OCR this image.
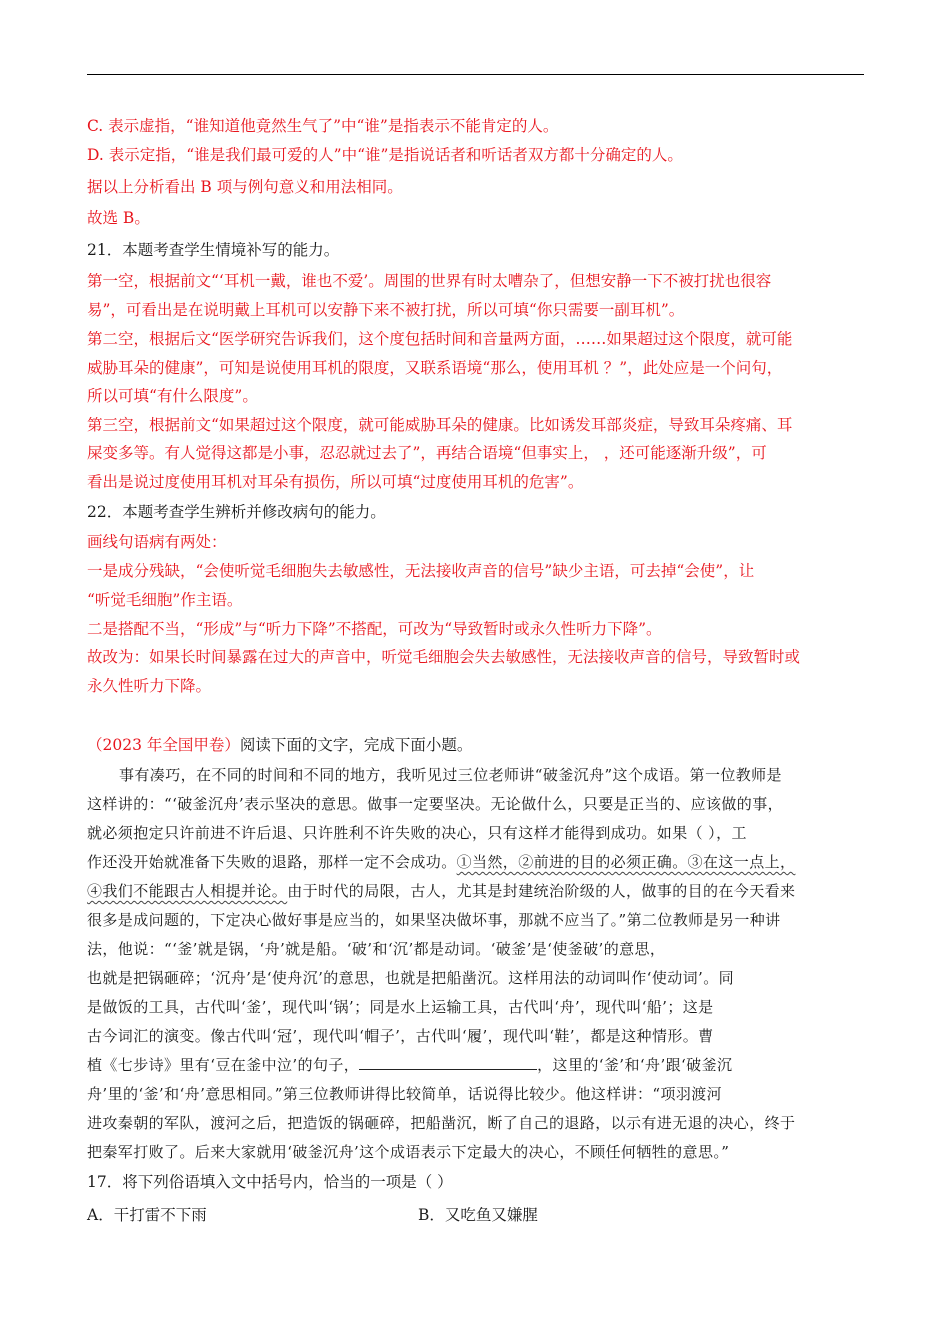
C. 表示虚指，“谁知道他竟然生气了”中“谁”是指表示不能肯定的人。
D. 表示定指，“谁是我们最可爱的人”中“谁”是指说话者和听话者双方都十分确定的人。
据以上分析看出 B 项与例句意义和用法相同。
故选 B。
21．本题考查学生情境补写的能力。
第一空，根据前文“‘耳机一戴，谁也不爱’。周围的世界有时太嘈杂了，但想安静一下不被打扰也很容
易”，可看出是在说明戴上耳机可以安静下来不被打扰，所以可填“你只需要一副耳机”。
第二空，根据后文“医学研究告诉我们，这个度包括时间和音量两方面，……如果超过这个限度，就可能
威胁耳朵的健康”，可知是说使用耳机的限度，又联系语境“那么，使用耳机 ？”，此处应是一个问句，
所以可填“有什么限度”。
第三空，根据前文“如果超过这个限度，就可能威胁耳朵的健康。比如诱发耳部炎症，导致耳朵疼痛、耳
屎变多等。有人觉得这都是小事，忍忍就过去了”，再结合语境“但事实上， ，还可能逐渐升级”，可
看出是说过度使用耳机对耳朵有损伤，所以可填“过度使用耳机的危害”。
22．本题考查学生辨析并修改病句的能力。
画线句语病有两处：
一是成分残缺，“会使听觉毛细胞失去敏感性，无法接收声音的信号”缺少主语，可去掉“会使”，让
“听觉毛细胞”作主语。
二是搭配不当，“形成”与“听力下降”不搭配，可改为“导致暂时或永久性听力下降”。
故改为：如果长时间暴露在过大的声音中，听觉毛细胞会失去敏感性，无法接收声音的信号，导致暂时或
永久性听力下降。
（2023 年全国甲卷）阅读下面的文字，完成下面小题。
事有凑巧，在不同的时间和不同的地方，我听见过三位老师讲“破釜沉舟”这个成语。第一位教师是
这样讲的：“‘破釜沉舟’表示坚决的意思。做事一定要坚决。无论做什么，只要是正当的、应该做的事，
就必须抱定只许前进不许后退、只许胜利不许失败的决心，只有这样才能得到成功。如果（ ），工
作还没开始就准备下失败的退路，那样一定不会成功。①当然，②前进的目的必须正确。③在这一点上，
④我们不能跟古人相提并论。由于时代的局限，古人，尤其是封建统治阶级的人，做事的目的在今天看来
很多是成问题的，下定决心做好事是应当的，如果坚决做坏事，那就不应当了。”第二位教师是另一种讲
法，他说：“‘釜’就是锅，‘舟’就是船。‘破’和‘沉’都是动词。‘破釜’是‘使釜破’的意思，
也就是把锅砸碎；‘沉舟’是‘使舟沉’的意思，也就是把船凿沉。这样用法的动词叫作‘使动词’。同
是做饭的工具，古代叫‘釜’，现代叫‘锅’；同是水上运输工具，古代叫‘舟’，现代叫‘船’；这是
古今词汇的演变。像古代叫‘冠’，现代叫‘帽子’，古代叫‘履’，现代叫‘鞋’，都是这种情形。曹
植《七步诗》里有‘豆在釜中泣’的句子，	，这里的‘釜’和‘舟’跟‘破釜沉
舟’里的‘釜’和‘舟’意思相同。”第三位教师讲得比较简单，话说得比较少。他这样讲：“项羽渡河
进攻秦朝的军队，渡河之后，把造饭的锅砸碎，把船凿沉，断了自己的退路，以示有进无退的决心，终于
把秦军打败了。后来大家就用‘破釜沉舟’这个成语表示下定最大的决心，不顾任何牺牲的意思。”
17．将下列俗语填入文中括号内，恰当的一项是（ ）
A．干打雷不下雨	B．又吃鱼又嫌腥
